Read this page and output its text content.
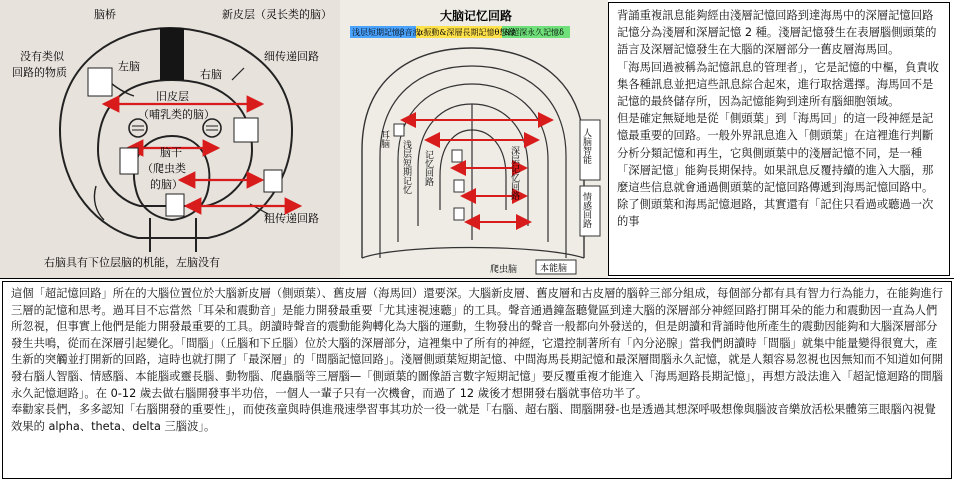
脑桥	新皮层（灵长类的脑）
没有类似
回路的物质	左脑
右脑
细传递回路
旧皮层
（哺乳类的脑）
脑干
（爬虫类
的脑）
粗传递回路
右脑具有下位层脑的机能，左脑没有
大脑记忆回路
浅层短期記憶β音波
α振動&深層長期記憶θ想像
&超深永久記憶δ
耳脑
浅层短期记忆 记忆回路	深层记忆回路	人脑智能
情感回路
本能脑
爬虫脑

背誦重複訊息能夠經由淺層記憶回路到達海馬中的深層記憶回路記憶分為淺層和深層記憶 2 種。淺層記憶發生在表層腦側頭葉的語言及深層記憶發生在大腦的深層部分一舊皮層海馬回。

「海馬回過被稱為記憶訊息的管理者」，它是記憶的中樞，負責收集各種訊息並把這些訊息綜合起來，進行取捨選擇。海馬回不是記憶的最終儲存所，因為記憶能夠到達所有腦細胞領域。

但是確定無疑地是從「側頭葉」到「海馬回」的這一段神經是記憶最重要的回路。一般外界訊息進入「側頭葉」在這裡進行判斷分析分類記憶和再生，它與側頭葉中的淺層記憶不同，是一種「深層記憶」能夠長期保持。如果訊息反覆持續的進入大腦，那麼這些信息就會通過側頭葉的記憶回路傳遞到海馬記憶回路中。除了側頭葉和海馬記憶迴路，其實還有「記住只看過或聽過一次的事

這個「超記憶回路」所在的大腦位置位於大腦新皮層（側頭葉）、舊皮層（海馬回）還要深。大腦新皮層、舊皮層和古皮層的腦幹三部分組成，每個部分都有具有智力行為能力，在能夠進行三層的記憶和思考。過耳目不忘當然「耳朵和震動音」是能力開發最重要「尤其速視速聽」的工具。聲音通過鐘盔聽覺區到達大腦的深層部分神經回路打開耳朵的能力和震動因一直為人們所忽視，但事實上他們是能力開發最重要的工具。朗讀時聲音的震動能夠轉化為大腦的運動，生物發出的聲音一般都向外發送的，但是朗讀和背誦時他所產生的震動因能夠和大腦深層部分發生共鳴，從而在深層引起變化。「間腦」（丘腦和下丘腦）位於大腦的深層部分，這裡集中了所有的神經，它還控制著所有「內分泌腺」當我們朗讀時「間腦」就集中能量變得很寬大，產生新的突觸並打開新的回路，這時也就打開了「最深層」的「間腦記憶回路」。淺層側頭葉短期記憶、中間海馬長期記憶和最深層間腦永久記憶，就是人類容易忽視也因無知而不知道如何開發右腦人智腦、情感腦、本能腦或靈長腦、動物腦、爬蟲腦等三層腦—「側頭葉的圖像語言數字短期記憶」要反覆重複才能進入「海馬迴路長期記憶」，再想方設法進入「超記憶迴路的間腦永久記憶迴路」。在 0-12 歲去做右腦開發事半功倍，一個人一輩子只有一次機會，而過了 12 歲後才想開發右腦就事倍功半了。

奉勸家長們，多多認知「右腦開發的重要性」，而使孩童與時俱進飛速學習事其功於一役一就是「右腦、超右腦、間腦開發-也是透過其想深呼吸想像與腦波音樂放活松果體第三眼腦內視覺效果的 alpha、theta、delta 三腦波」。
